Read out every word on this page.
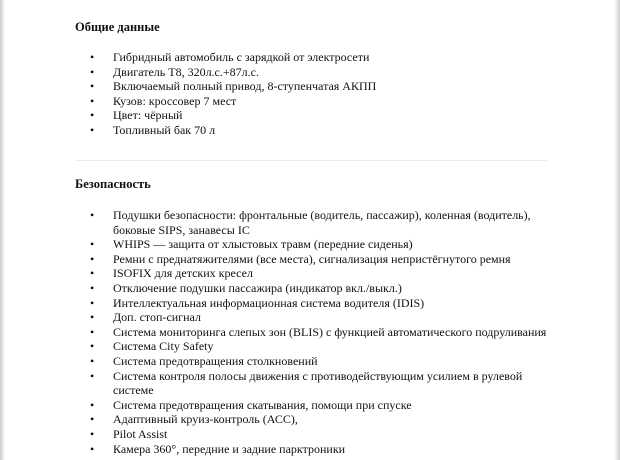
Общие данные
• Гибридный автомобиль с зарядкой от электросети
• Двигатель T8, 320л.с.+87л.с.
• Включаемый полный привод, 8-ступенчатая АКПП
• Кузов: кроссовер 7 мест
• Цвет: чёрный
• Топливный бак 70 л
Безопасность
• Подушки безопасности: фронтальные (водитель, пассажир), коленная (водитель), боковые SIPS, занавесы IC
• WHIPS — защита от хлыстовых травм (передние сиденья)
• Ремни с преднатяжителями (все места), сигнализация непристёгнутого ремня
• ISOFIX для детских кресел
• Отключение подушки пассажира (индикатор вкл./выкл.)
• Интеллектуальная информационная система водителя (IDIS)
• Доп. стоп-сигнал
• Система мониторинга слепых зон (BLIS) с функцией автоматического подруливания
• Система City Safety
• Система предотвращения столкновений
• Система контроля полосы движения с противодействующим усилием в рулевой системе
• Система предотвращения скатывания, помощи при спуске
• Адаптивный круиз-контроль (АСС),
• Pilot Assist
• Камера 360°, передние и задние парктроники
